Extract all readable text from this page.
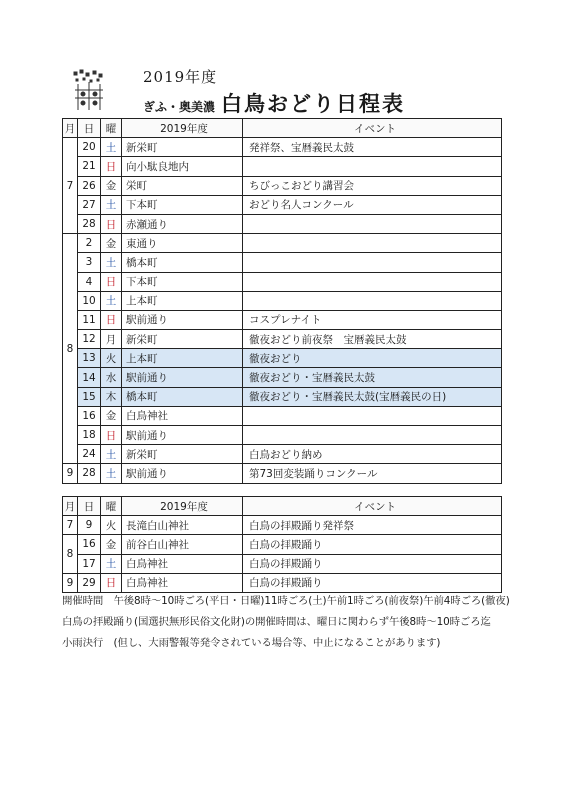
2019年度
ぎふ・奥美濃 白鳥おどり日程表
月	日	曜	2019年度	イベント
7	20	土	新栄町	発祥祭、宝暦義民太鼓
	21	日	向小駄良地内	
	26	金	栄町	ちびっこおどり講習会
	27	土	下本町	おどり名人コンクール
	28	日	赤瀬通り	
8	2	金	東通り	
	3	土	橋本町	
	4	日	下本町	
	10	土	上本町	
	11	日	駅前通り	コスプレナイト
	12	月	新栄町	徹夜おどり前夜祭　宝暦義民太鼓
	13	火	上本町	徹夜おどり
	14	水	駅前通り	徹夜おどり・宝暦義民太鼓
	15	木	橋本町	徹夜おどり・宝暦義民太鼓(宝暦義民の日)
	16	金	白鳥神社	
	18	日	駅前通り	
	24	土	新栄町	白鳥おどり納め
9	28	土	駅前通り	第73回変装踊りコンクール
月	日	曜	2019年度	イベント
7	9	火	長滝白山神社	白鳥の拝殿踊り発祥祭
8	16	金	前谷白山神社	白鳥の拝殿踊り
	17	土	白鳥神社	白鳥の拝殿踊り
9	29	日	白鳥神社	白鳥の拝殿踊り
開催時間　午後8時～10時ごろ(平日・日曜)11時ごろ(土)午前1時ごろ(前夜祭)午前4時ごろ(徹夜)
白鳥の拝殿踊り(国選択無形民俗文化財)の開催時間は、曜日に関わらず午後8時～10時ごろ迄
小雨決行　(但し、大雨警報等発令されている場合等、中止になることがあります)
